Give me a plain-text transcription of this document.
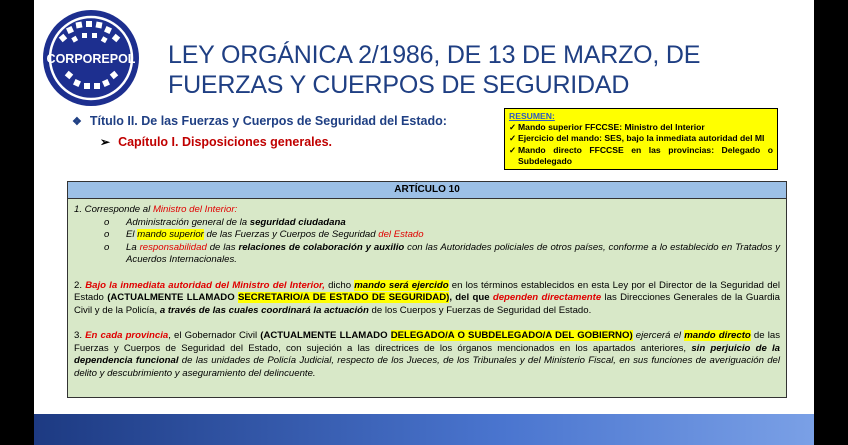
CORPOREPOL LEY ORGÁNICA 2/1986, DE 13 DE MARZO, DE FUERZAS Y CUERPOS DE SEGURIDAD
❖ Título II. De las Fuerzas y Cuerpos de Seguridad del Estado:
➢ Capítulo I. Disposiciones generales.
RESUMEN:
✓ Mando superior FFCCSE: Ministro del Interior
✓ Ejercicio del mando: SES, bajo la inmediata autoridad del MI
✓ Mando directo FFCCSE en las provincias: Delegado o Subdelegado
ARTÍCULO 10
1. Corresponde al Ministro del Interior:
o	Administración general de la seguridad ciudadana
o	El mando superior de las Fuerzas y Cuerpos de Seguridad del Estado
o	La responsabilidad de las relaciones de colaboración y auxilio con las Autoridades policiales de otros países, conforme a lo establecido en Tratados y Acuerdos Internacionales.
2. Bajo la inmediata autoridad del Ministro del Interior, dicho mando será ejercido en los términos establecidos en esta Ley por el Director de la Seguridad del Estado (ACTUALMENTE LLAMADO SECRETARIO/A DE ESTADO DE SEGURIDAD), del que dependen directamente las Direcciones Generales de la Guardia Civil y de la Policía, a través de las cuales coordinará la actuación de los Cuerpos y Fuerzas de Seguridad del Estado.
3. En cada provincia, el Gobernador Civil (ACTUALMENTE LLAMADO DELEGADO/A O SUBDELEGADO/A DEL GOBIERNO) ejercerá el mando directo de las Fuerzas y Cuerpos de Seguridad del Estado, con sujeción a las directrices de los órganos mencionados en los apartados anteriores, sin perjuicio de la dependencia funcional de las unidades de Policía Judicial, respecto de los Jueces, de los Tribunales y del Ministerio Fiscal, en sus funciones de averiguación del delito y descubrimiento y aseguramiento del delincuente.
